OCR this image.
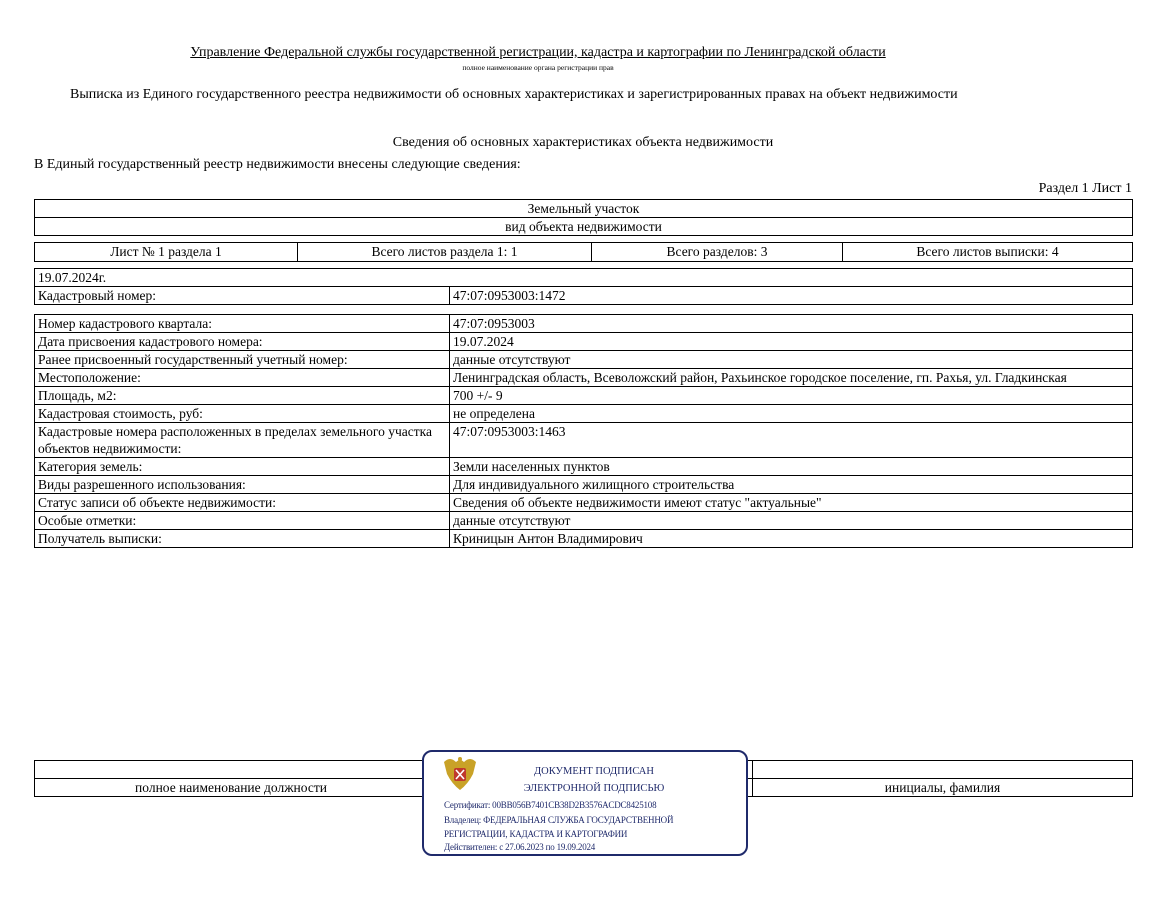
Управление Федеральной службы государственной регистрации, кадастра и картографии по Ленинградской области
полное наименование органа регистрации прав
Выписка из Единого государственного реестра недвижимости об основных характеристиках и зарегистрированных правах на объект недвижимости
Сведения об основных характеристиках объекта недвижимости
В Единый государственный реестр недвижимости внесены следующие сведения:
Раздел 1 Лист 1
Земельный участок
вид объекта недвижимости
Лист № 1 раздела 1	Всего листов раздела 1: 1	Всего разделов: 3	Всего листов выписки: 4
19.07.2024г.
Кадастровый номер:	47:07:0953003:1472
Номер кадастрового квартала:	47:07:0953003
Дата присвоения кадастрового номера:	19.07.2024
Ранее присвоенный государственный учетный номер:	данные отсутствуют
Местоположение:	Ленинградская область, Всеволожский район, Рахьинское городское поселение, гп. Рахья, ул. Гладкинская
Площадь, м2:	700 +/- 9
Кадастровая стоимость, руб:	не определена
Кадастровые номера расположенных в пределах земельного участка объектов недвижимости:	47:07:0953003:1463
Категория земель:	Земли населенных пунктов
Виды разрешенного использования:	Для индивидуального жилищного строительства
Статус записи об объекте недвижимости:	Сведения об объекте недвижимости имеют статус "актуальные"
Особые отметки:	данные отсутствуют
Получатель выписки:	Криницын Антон Владимирович

полное наименование должности		инициалы, фамилия
ДОКУМЕНТ ПОДПИСАН
ЭЛЕКТРОННОЙ ПОДПИСЬЮ
Сертификат: 00BB056B7401CB38D2B3576ACDC8425108
Владелец: ФЕДЕРАЛЬНАЯ СЛУЖБА ГОСУДАРСТВЕННОЙ
РЕГИСТРАЦИИ, КАДАСТРА И КАРТОГРАФИИ
Действителен: с 27.06.2023 по 19.09.2024
